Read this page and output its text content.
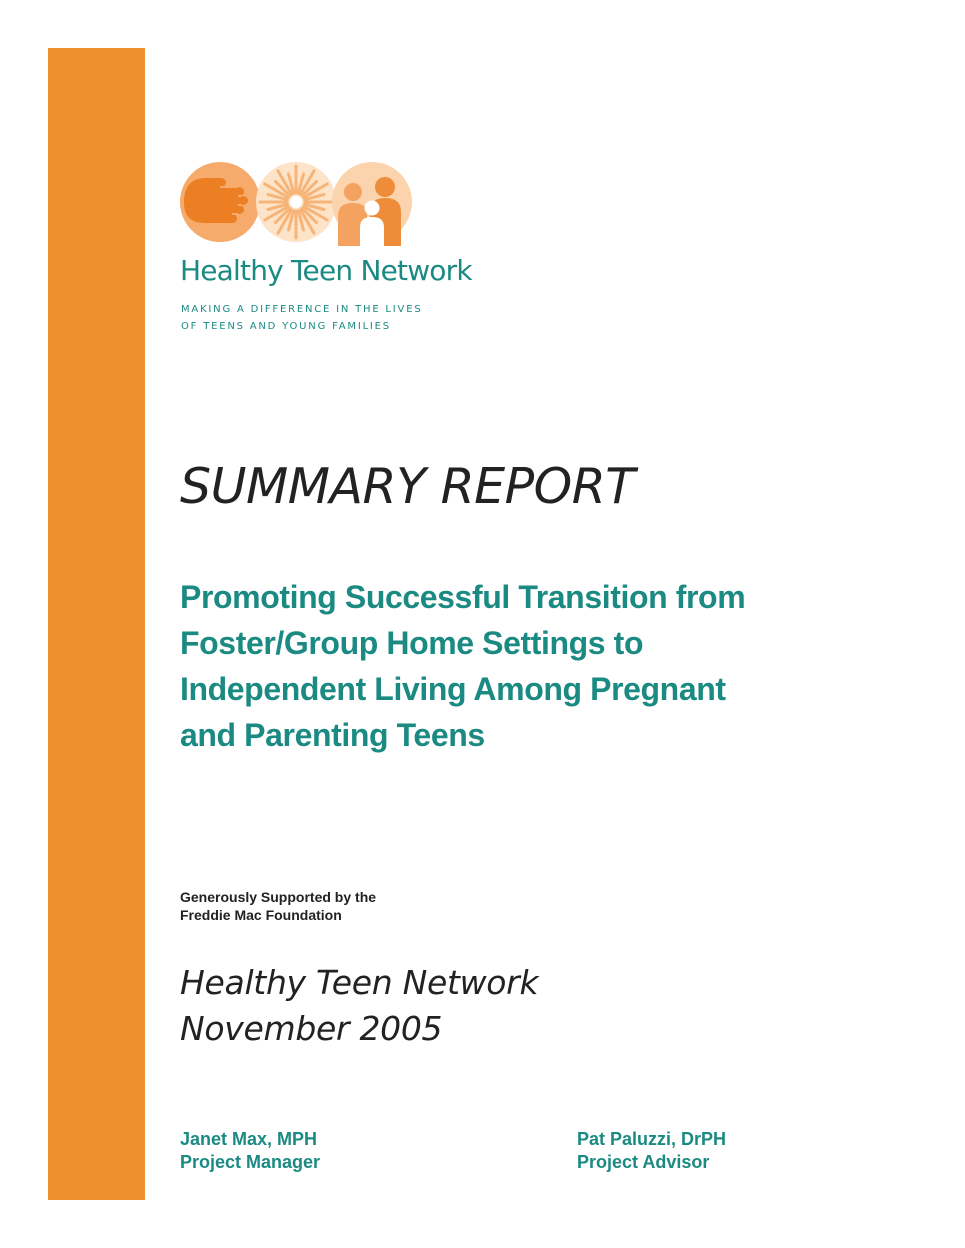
Healthy Teen Network

MAKING A DIFFERENCE IN THE LIVES
OF TEENS AND YOUNG FAMILIES

SUMMARY REPORT
Promoting Successful Transition from
Foster/Group Home Settings to
Independent Living Among Pregnant
and Parenting Teens

Generously Supported by the
Freddie Mac Foundation

Healthy Teen Network
November 2005

Janet Max, MPH
Project Manager

Pat Paluzzi, DrPH
Project Advisor
